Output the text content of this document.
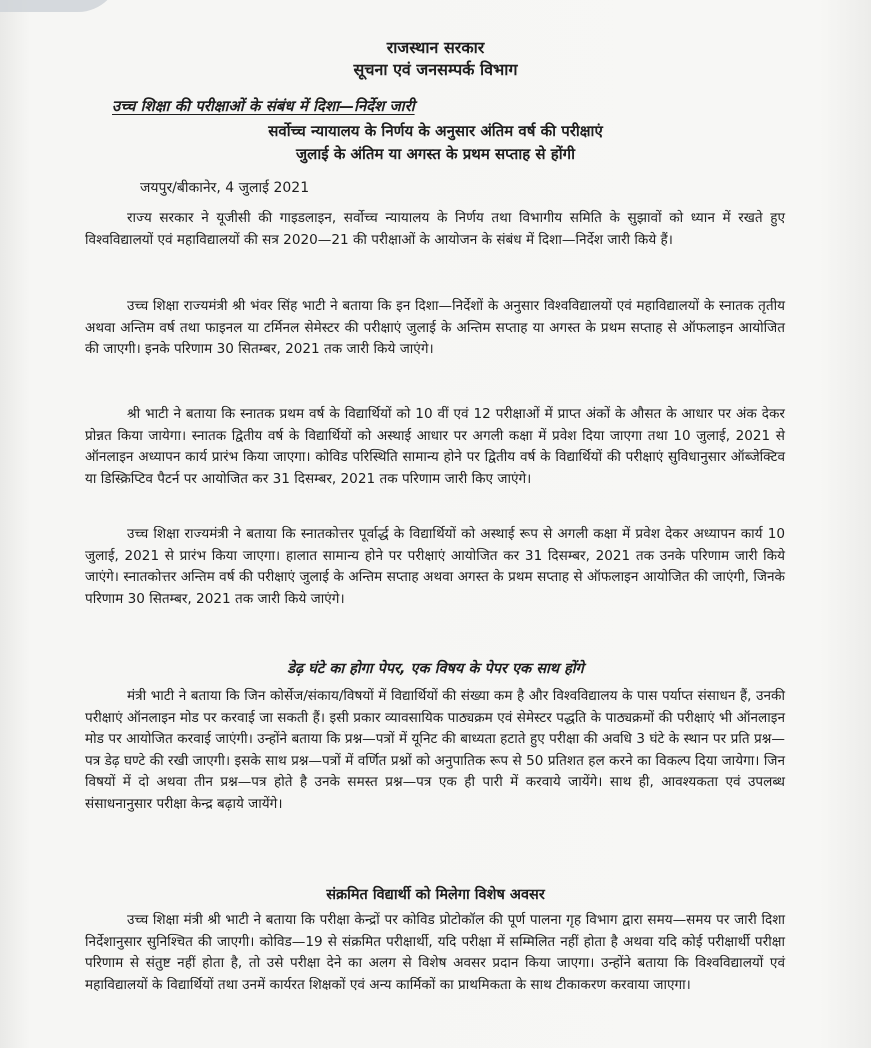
राजस्थान सरकार
सूचना एवं जनसम्पर्क विभाग
उच्च शिक्षा की परीक्षाओं के संबंध में दिशा—निर्देश जारी
सर्वोच्च न्यायालय के निर्णय के अनुसार अंतिम वर्ष की परीक्षाएं
जुलाई के अंतिम या अगस्त के प्रथम सप्ताह से होंगी
जयपुर/बीकानेर, 4 जुलाई 2021

राज्य सरकार ने यूजीसी की गाइडलाइन, सर्वोच्च न्यायालय के निर्णय तथा विभागीय समिति के सुझावों को ध्यान में रखते हुए विश्वविद्यालयों एवं महाविद्यालयों की सत्र 2020—21 की परीक्षाओं के आयोजन के संबंध में दिशा—निर्देश जारी किये हैं।

उच्च शिक्षा राज्यमंत्री श्री भंवर सिंह भाटी ने बताया कि इन दिशा—निर्देशों के अनुसार विश्वविद्यालयों एवं महाविद्यालयों के स्नातक तृतीय अथवा अन्तिम वर्ष तथा फाइनल या टर्मिनल सेमेस्टर की परीक्षाएं जुलाई के अन्तिम सप्ताह या अगस्त के प्रथम सप्ताह से ऑफलाइन आयोजित की जाएगी। इनके परिणाम 30 सितम्बर, 2021 तक जारी किये जाएंगे।

श्री भाटी ने बताया कि स्नातक प्रथम वर्ष के विद्यार्थियों को 10 वीं एवं 12 परीक्षाओं में प्राप्त अंकों के औसत के आधार पर अंक देकर प्रोन्नत किया जायेगा। स्नातक द्वितीय वर्ष के विद्यार्थियों को अस्थाई आधार पर अगली कक्षा में प्रवेश दिया जाएगा तथा 10 जुलाई, 2021 से ऑनलाइन अध्यापन कार्य प्रारंभ किया जाएगा। कोविड परिस्थिति सामान्य होने पर द्वितीय वर्ष के विद्यार्थियों की परीक्षाएं सुविधानुसार ऑब्जेक्टिव या डिस्क्रिप्टिव पैटर्न पर आयोजित कर 31 दिसम्बर, 2021 तक परिणाम जारी किए जाएंगे।

उच्च शिक्षा राज्यमंत्री ने बताया कि स्नातकोत्तर पूर्वार्द्ध के विद्यार्थियों को अस्थाई रूप से अगली कक्षा में प्रवेश देकर अध्यापन कार्य 10 जुलाई, 2021 से प्रारंभ किया जाएगा। हालात सामान्य होने पर परीक्षाएं आयोजित कर 31 दिसम्बर, 2021 तक उनके परिणाम जारी किये जाएंगे। स्नातकोत्तर अन्तिम वर्ष की परीक्षाएं जुलाई के अन्तिम सप्ताह अथवा अगस्त के प्रथम सप्ताह से ऑफलाइन आयोजित की जाएंगी, जिनके परिणाम 30 सितम्बर, 2021 तक जारी किये जाएंगे।

डेढ़ घंटे का होगा पेपर, एक विषय के पेपर एक साथ होंगे

मंत्री भाटी ने बताया कि जिन कोर्सेज/संकाय/विषयों में विद्यार्थियों की संख्या कम है और विश्वविद्यालय के पास पर्याप्त संसाधन हैं, उनकी परीक्षाएं ऑनलाइन मोड पर करवाई जा सकती हैं। इसी प्रकार व्यावसायिक पाठ्यक्रम एवं सेमेस्टर पद्धति के पाठ्यक्रमों की परीक्षाएं भी ऑनलाइन मोड पर आयोजित करवाई जाएंगी। उन्होंने बताया कि प्रश्न—पत्रों में यूनिट की बाध्यता हटाते हुए परीक्षा की अवधि 3 घंटे के स्थान पर प्रति प्रश्न—पत्र डेढ़ घण्टे की रखी जाएगी। इसके साथ प्रश्न—पत्रों में वर्णित प्रश्नों को अनुपातिक रूप से 50 प्रतिशत हल करने का विकल्प दिया जायेगा। जिन विषयों में दो अथवा तीन प्रश्न—पत्र होते है उनके समस्त प्रश्न—पत्र एक ही पारी में करवाये जायेंगे। साथ ही, आवश्यकता एवं उपलब्ध संसाधनानुसार परीक्षा केन्द्र बढ़ाये जायेंगे।

संक्रमित विद्यार्थी को मिलेगा विशेष अवसर

उच्च शिक्षा मंत्री श्री भाटी ने बताया कि परीक्षा केन्द्रों पर कोविड प्रोटोकॉल की पूर्ण पालना गृह विभाग द्वारा समय—समय पर जारी दिशा निर्देशानुसार सुनिश्चित की जाएगी। कोविड—19 से संक्रमित परीक्षार्थी, यदि परीक्षा में सम्मिलित नहीं होता है अथवा यदि कोई परीक्षार्थी परीक्षा परिणाम से संतुष्ट नहीं होता है, तो उसे परीक्षा देने का अलग से विशेष अवसर प्रदान किया जाएगा। उन्होंने बताया कि विश्वविद्यालयों एवं महाविद्यालयों के विद्यार्थियों तथा उनमें कार्यरत शिक्षकों एवं अन्य कार्मिकों का प्राथमिकता के साथ टीकाकरण करवाया जाएगा।
